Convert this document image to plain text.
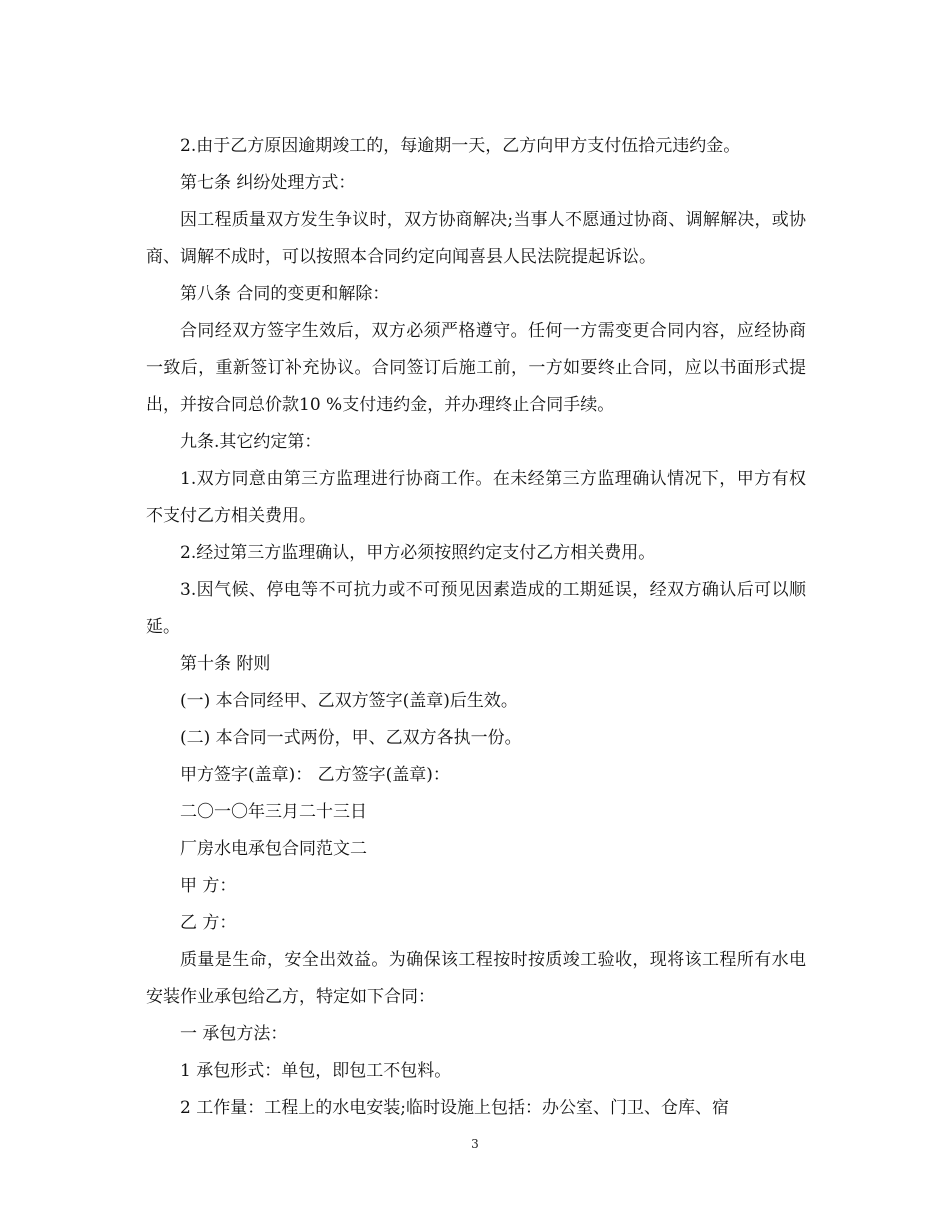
2.由于乙方原因逾期竣工的，每逾期一天，乙方向甲方支付伍拾元违约金。

第七条 纠纷处理方式：

因工程质量双方发生争议时，双方协商解决;当事人不愿通过协商、调解解决，或协商、调解不成时，可以按照本合同约定向闻喜县人民法院提起诉讼。

第八条 合同的变更和解除：

合同经双方签字生效后，双方必须严格遵守。任何一方需变更合同内容，应经协商一致后，重新签订补充协议。合同签订后施工前，一方如要终止合同，应以书面形式提出，并按合同总价款10 %支付违约金，并办理终止合同手续。

九条.其它约定第：

1.双方同意由第三方监理进行协商工作。在未经第三方监理确认情况下，甲方有权不支付乙方相关费用。

2.经过第三方监理确认，甲方必须按照约定支付乙方相关费用。

3.因气候、停电等不可抗力或不可预见因素造成的工期延误，经双方确认后可以顺延。

第十条 附则

(一) 本合同经甲、乙双方签字(盖章)后生效。

(二) 本合同一式两份，甲、乙双方各执一份。

甲方签字(盖章)： 乙方签字(盖章)：

二〇一〇年三月二十三日

厂房水电承包合同范文二

甲 方：

乙 方：

质量是生命，安全出效益。为确保该工程按时按质竣工验收，现将该工程所有水电安装作业承包给乙方，特定如下合同：

一 承包方法：

1 承包形式：单包，即包工不包料。

2 工作量：工程上的水电安装;临时设施上包括：办公室、门卫、仓库、宿

3
